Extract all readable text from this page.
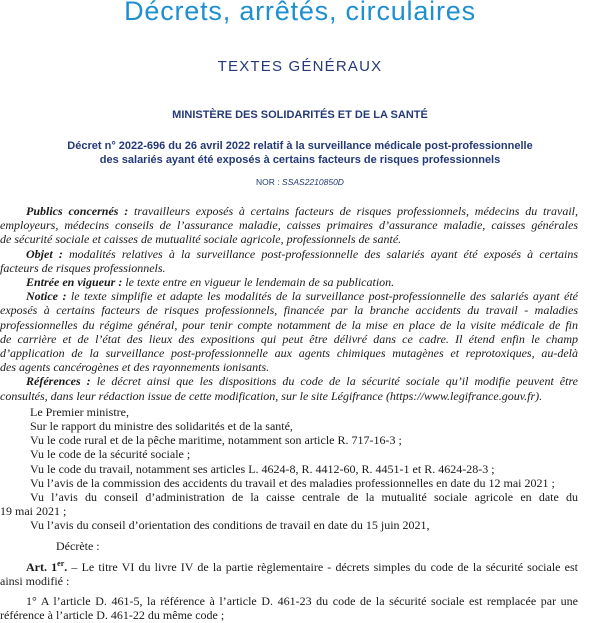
Décrets, arrêtés, circulaires
TEXTES GÉNÉRAUX
MINISTÈRE DES SOLIDARITÉS ET DE LA SANTÉ
Décret n° 2022-696 du 26 avril 2022 relatif à la surveillance médicale post-professionnelle
des salariés ayant été exposés à certains facteurs de risques professionnels
NOR : SSAS2210850D
Publics concernés : travailleurs exposés à certains facteurs de risques professionnels, médecins du travail,
employeurs, médecins conseils de l’assurance maladie, caisses primaires d’assurance maladie, caisses générales
de sécurité sociale et caisses de mutualité sociale agricole, professionnels de santé.
Objet : modalités relatives à la surveillance post-professionnelle des salariés ayant été exposés à certains
facteurs de risques professionnels.
Entrée en vigueur : le texte entre en vigueur le lendemain de sa publication.
Notice : le texte simplifie et adapte les modalités de la surveillance post-professionnelle des salariés ayant été
exposés à certains facteurs de risques professionnels, financée par la branche accidents du travail - maladies
professionnelles du régime général, pour tenir compte notamment de la mise en place de la visite médicale de fin
de carrière et de l’état des lieux des expositions qui peut être délivré dans ce cadre. Il étend enfin le champ
d’application de la surveillance post-professionnelle aux agents chimiques mutagènes et reprotoxiques, au-delà
des agents cancérogènes et des rayonnements ionisants.
Références : le décret ainsi que les dispositions du code de la sécurité sociale qu’il modifie peuvent être
consultés, dans leur rédaction issue de cette modification, sur le site Légifrance (https://www.legifrance.gouv.fr).
Le Premier ministre,
Sur le rapport du ministre des solidarités et de la santé,
Vu le code rural et de la pêche maritime, notamment son article R. 717-16-3 ;
Vu le code de la sécurité sociale ;
Vu le code du travail, notamment ses articles L. 4624-8, R. 4412-60, R. 4451-1 et R. 4624-28-3 ;
Vu l’avis de la commission des accidents du travail et des maladies professionnelles en date du 12 mai 2021 ;
Vu l’avis du conseil d’administration de la caisse centrale de la mutualité sociale agricole en date du
19 mai 2021 ;
Vu l’avis du conseil d’orientation des conditions de travail en date du 15 juin 2021,
Décrète :
Art. 1er. – Le titre VI du livre IV de la partie règlementaire - décrets simples du code de la sécurité sociale est
ainsi modifié :
1° A l’article D. 461-5, la référence à l’article D. 461-23 du code de la sécurité sociale est remplacée par une
référence à l’article D. 461-22 du même code ;
